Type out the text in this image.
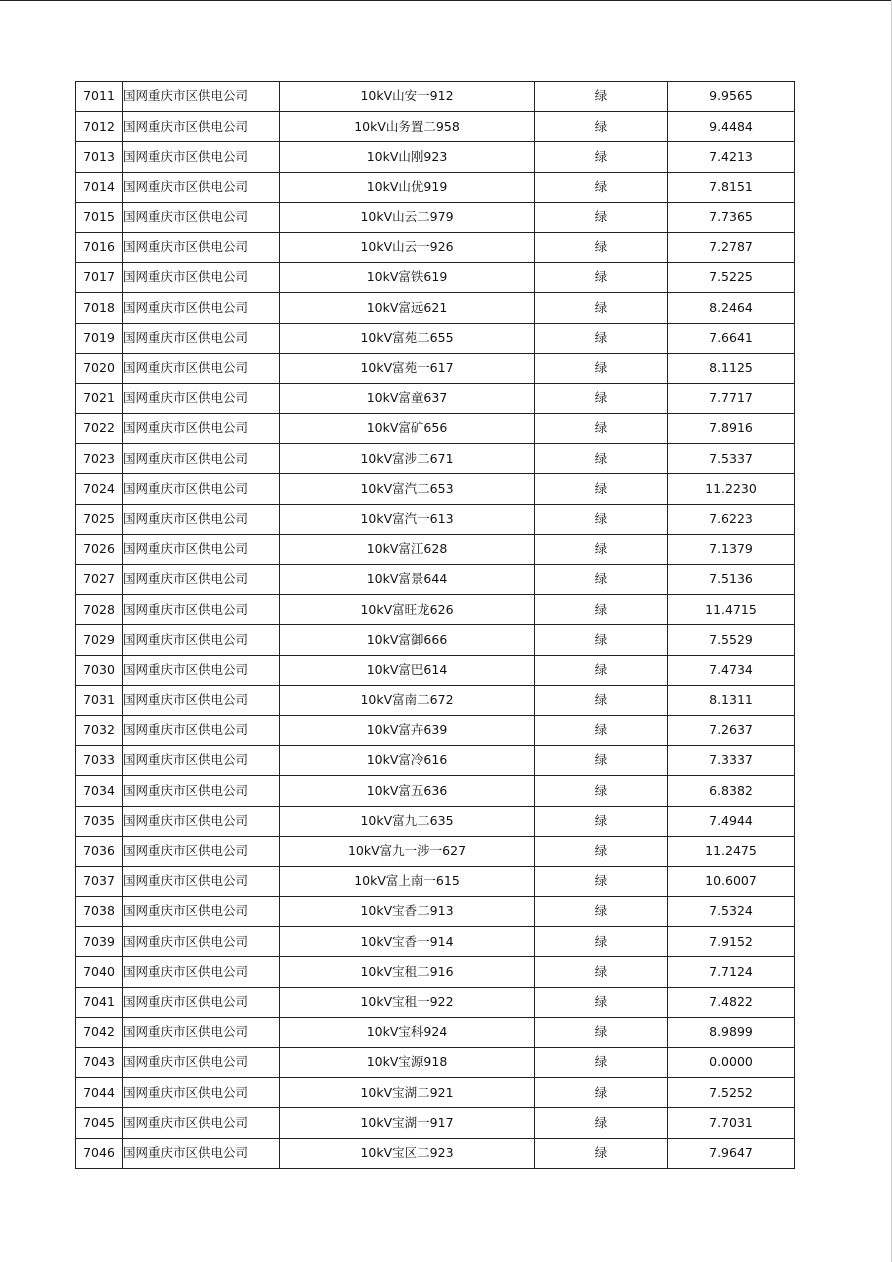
7011	国网重庆市区供电公司	10kV山安一912	绿	9.9565
7012	国网重庆市区供电公司	10kV山务置二958	绿	9.4484
7013	国网重庆市区供电公司	10kV山刚923	绿	7.4213
7014	国网重庆市区供电公司	10kV山优919	绿	7.8151
7015	国网重庆市区供电公司	10kV山云二979	绿	7.7365
7016	国网重庆市区供电公司	10kV山云一926	绿	7.2787
7017	国网重庆市区供电公司	10kV富铁619	绿	7.5225
7018	国网重庆市区供电公司	10kV富远621	绿	8.2464
7019	国网重庆市区供电公司	10kV富苑二655	绿	7.6641
7020	国网重庆市区供电公司	10kV富苑一617	绿	8.1125
7021	国网重庆市区供电公司	10kV富童637	绿	7.7717
7022	国网重庆市区供电公司	10kV富矿656	绿	7.8916
7023	国网重庆市区供电公司	10kV富涉二671	绿	7.5337
7024	国网重庆市区供电公司	10kV富汽二653	绿	11.2230
7025	国网重庆市区供电公司	10kV富汽一613	绿	7.6223
7026	国网重庆市区供电公司	10kV富江628	绿	7.1379
7027	国网重庆市区供电公司	10kV富景644	绿	7.5136
7028	国网重庆市区供电公司	10kV富旺龙626	绿	11.4715
7029	国网重庆市区供电公司	10kV富御666	绿	7.5529
7030	国网重庆市区供电公司	10kV富巴614	绿	7.4734
7031	国网重庆市区供电公司	10kV富南二672	绿	8.1311
7032	国网重庆市区供电公司	10kV富卉639	绿	7.2637
7033	国网重庆市区供电公司	10kV富冷616	绿	7.3337
7034	国网重庆市区供电公司	10kV富五636	绿	6.8382
7035	国网重庆市区供电公司	10kV富九二635	绿	7.4944
7036	国网重庆市区供电公司	10kV富九一涉一627	绿	11.2475
7037	国网重庆市区供电公司	10kV富上南一615	绿	10.6007
7038	国网重庆市区供电公司	10kV宝香二913	绿	7.5324
7039	国网重庆市区供电公司	10kV宝香一914	绿	7.9152
7040	国网重庆市区供电公司	10kV宝租二916	绿	7.7124
7041	国网重庆市区供电公司	10kV宝租一922	绿	7.4822
7042	国网重庆市区供电公司	10kV宝科924	绿	8.9899
7043	国网重庆市区供电公司	10kV宝源918	绿	0.0000
7044	国网重庆市区供电公司	10kV宝湖二921	绿	7.5252
7045	国网重庆市区供电公司	10kV宝湖一917	绿	7.7031
7046	国网重庆市区供电公司	10kV宝区二923	绿	7.9647
